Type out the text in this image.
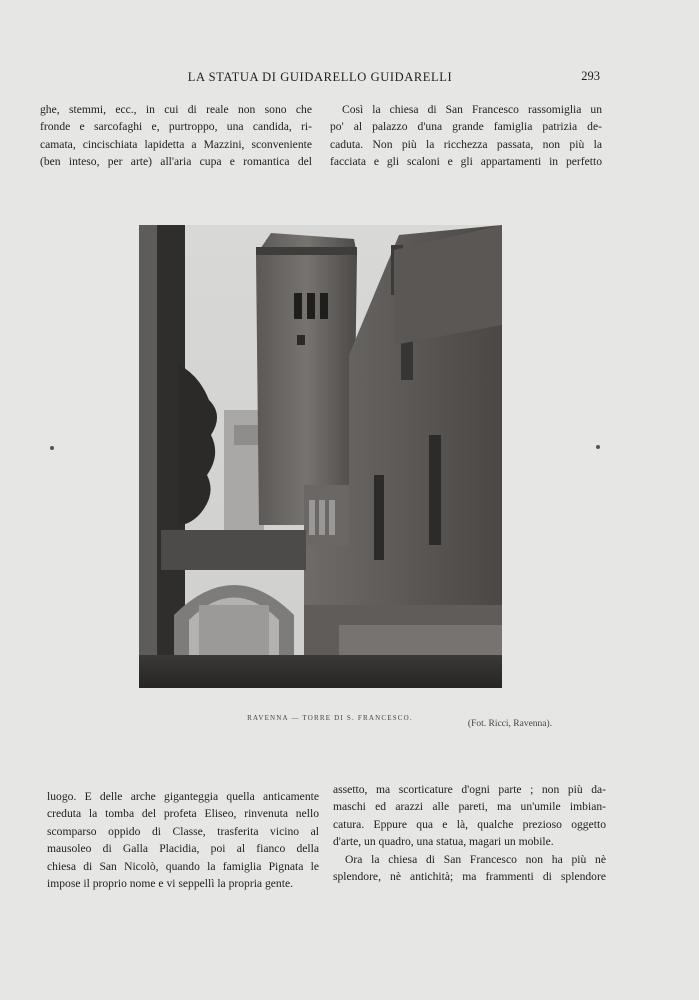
LA STATUA DI GUIDARELLO GUIDARELLI	293
ghe, stemmi, ecc., in cui di reale non sono che
fronde e sarcofaghi e, purtroppo, una candida, ri-
camata, cincischiata lapidetta a Mazzini, sconveniente
(ben inteso, per arte) all'aria cupa e romantica del
Così la chiesa di San Francesco rassomiglia un
po' al palazzo d'una grande famiglia patrizia de-
caduta. Non più la ricchezza passata, non più la
facciata e gli scaloni e gli appartamenti in perfetto
RAVENNA — TORRE DI S. FRANCESCO.
(Fot. Ricci, Ravenna).
luogo. E delle arche giganteggia quella anticamente
creduta la tomba del profeta Eliseo, rinvenuta nello
scomparso oppido di Classe, trasferita vicino al
mausoleo di Galla Placidia, poi al fianco della
chiesa di San Nicolò, quando la famiglia Pignata le
impose il proprio nome e vi seppellì la propria gente.
assetto, ma scorticature d'ogni parte ; non più da-
maschi ed arazzi alle pareti, ma un'umile imbian-
catura. Eppure qua e là, qualche prezioso oggetto
d'arte, un quadro, una statua, magari un mobile.
Ora la chiesa di San Francesco non ha più nè
splendore, nè antichità; ma frammenti di splendore
